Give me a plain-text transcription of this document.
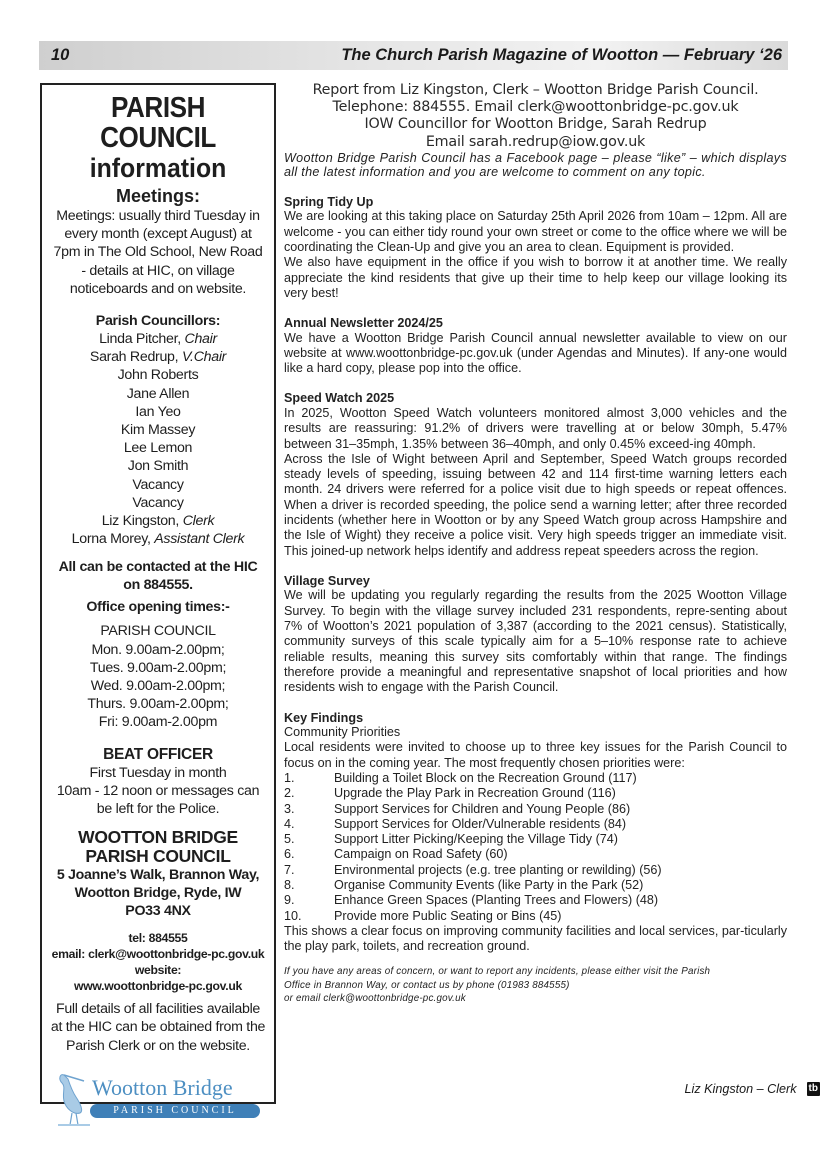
10	The Church Parish Magazine of Wootton — February ‘26
PARISH COUNCIL
information
Meetings:
Meetings: usually third Tuesday in
every month (except August) at
7pm in The Old School, New Road
- details at HIC, on village
noticeboards and on website.
Parish Councillors:
Linda Pitcher, Chair
Sarah Redrup, V.Chair
John Roberts
Jane Allen
Ian Yeo
Kim Massey
Lee Lemon
Jon Smith
Vacancy
Vacancy
Liz Kingston, Clerk
Lorna Morey, Assistant Clerk
All can be contacted at the HIC
on 884555.
Office opening times:-
PARISH COUNCIL
Mon. 9.00am-2.00pm;
Tues. 9.00am-2.00pm;
Wed. 9.00am-2.00pm;
Thurs. 9.00am-2.00pm;
Fri: 9.00am-2.00pm
BEAT OFFICER
First Tuesday in month
10am - 12 noon or messages can
be left for the Police.
WOOTTON BRIDGE
PARISH COUNCIL
5 Joanne’s Walk, Brannon Way,
Wootton Bridge, Ryde, IW
PO33 4NX
tel: 884555
email: clerk@woottonbridge-pc.gov.uk
website:
www.woottonbridge-pc.gov.uk
Full details of all facilities available
at the HIC can be obtained from the
Parish Clerk or on the website.
Wootton Bridge
PARISH COUNCIL
Report from Liz Kingston, Clerk – Wootton Bridge Parish Council.
Telephone: 884555. Email clerk@woottonbridge-pc.gov.uk
IOW Councillor for Wootton Bridge, Sarah Redrup
Email sarah.redrup@iow.gov.uk
Wootton Bridge Parish Council has a Facebook page – please “like” – which displays all the latest information and you are welcome to comment on any topic.
Spring Tidy Up
We are looking at this taking place on Saturday 25th April 2026 from 10am – 12pm. All are welcome - you can either tidy round your own street or come to the office where we will be coordinating the Clean-Up and give you an area to clean. Equipment is provided.
We also have equipment in the office if you wish to borrow it at another time. We really appreciate the kind residents that give up their time to help keep our village looking its very best!
Annual Newsletter 2024/25
We have a Wootton Bridge Parish Council annual newsletter available to view on our website at www.woottonbridge-pc.gov.uk (under Agendas and Minutes). If any-one would like a hard copy, please pop into the office.
Speed Watch 2025
In 2025, Wootton Speed Watch volunteers monitored almost 3,000 vehicles and the results are reassuring: 91.2% of drivers were travelling at or below 30mph, 5.47% between 31–35mph, 1.35% between 36–40mph, and only 0.45% exceed-ing 40mph.
Across the Isle of Wight between April and September, Speed Watch groups recorded steady levels of speeding, issuing between 42 and 114 first-time warning letters each month. 24 drivers were referred for a police visit due to high speeds or repeat offences. When a driver is recorded speeding, the police send a warning letter; after three recorded incidents (whether here in Wootton or by any Speed Watch group across Hampshire and the Isle of Wight) they receive a police visit. Very high speeds trigger an immediate visit. This joined-up network helps identify and address repeat speeders across the region.
Village Survey
We will be updating you regularly regarding the results from the 2025 Wootton Village Survey. To begin with the village survey included 231 respondents, repre-senting about 7% of Wootton’s 2021 population of 3,387 (according to the 2021 census). Statistically, community surveys of this scale typically aim for a 5–10% response rate to achieve reliable results, meaning this survey sits comfortably within that range. The findings therefore provide a meaningful and representative snapshot of local priorities and how residents wish to engage with the Parish Council.
Key Findings
Community Priorities
Local residents were invited to choose up to three key issues for the Parish Council to focus on in the coming year. The most frequently chosen priorities were:
1.	Building a Toilet Block on the Recreation Ground (117)
2.	Upgrade the Play Park in Recreation Ground (116)
3.	Support Services for Children and Young People (86)
4.	Support Services for Older/Vulnerable residents (84)
5.	Support Litter Picking/Keeping the Village Tidy (74)
6.	Campaign on Road Safety (60)
7.	Environmental projects (e.g. tree planting or rewilding) (56)
8.	Organise Community Events (like Party in the Park (52)
9.	Enhance Green Spaces (Planting Trees and Flowers) (48)
10.	Provide more Public Seating or Bins (45)
This shows a clear focus on improving community facilities and local services, par-ticularly the play park, toilets, and recreation ground.
If you have any areas of concern, or want to report any incidents, please either visit the Parish
Office in Brannon Way, or contact us by phone (01983 884555)
or email clerk@woottonbridge-pc.gov.uk
Liz Kingston – Clerk tb
